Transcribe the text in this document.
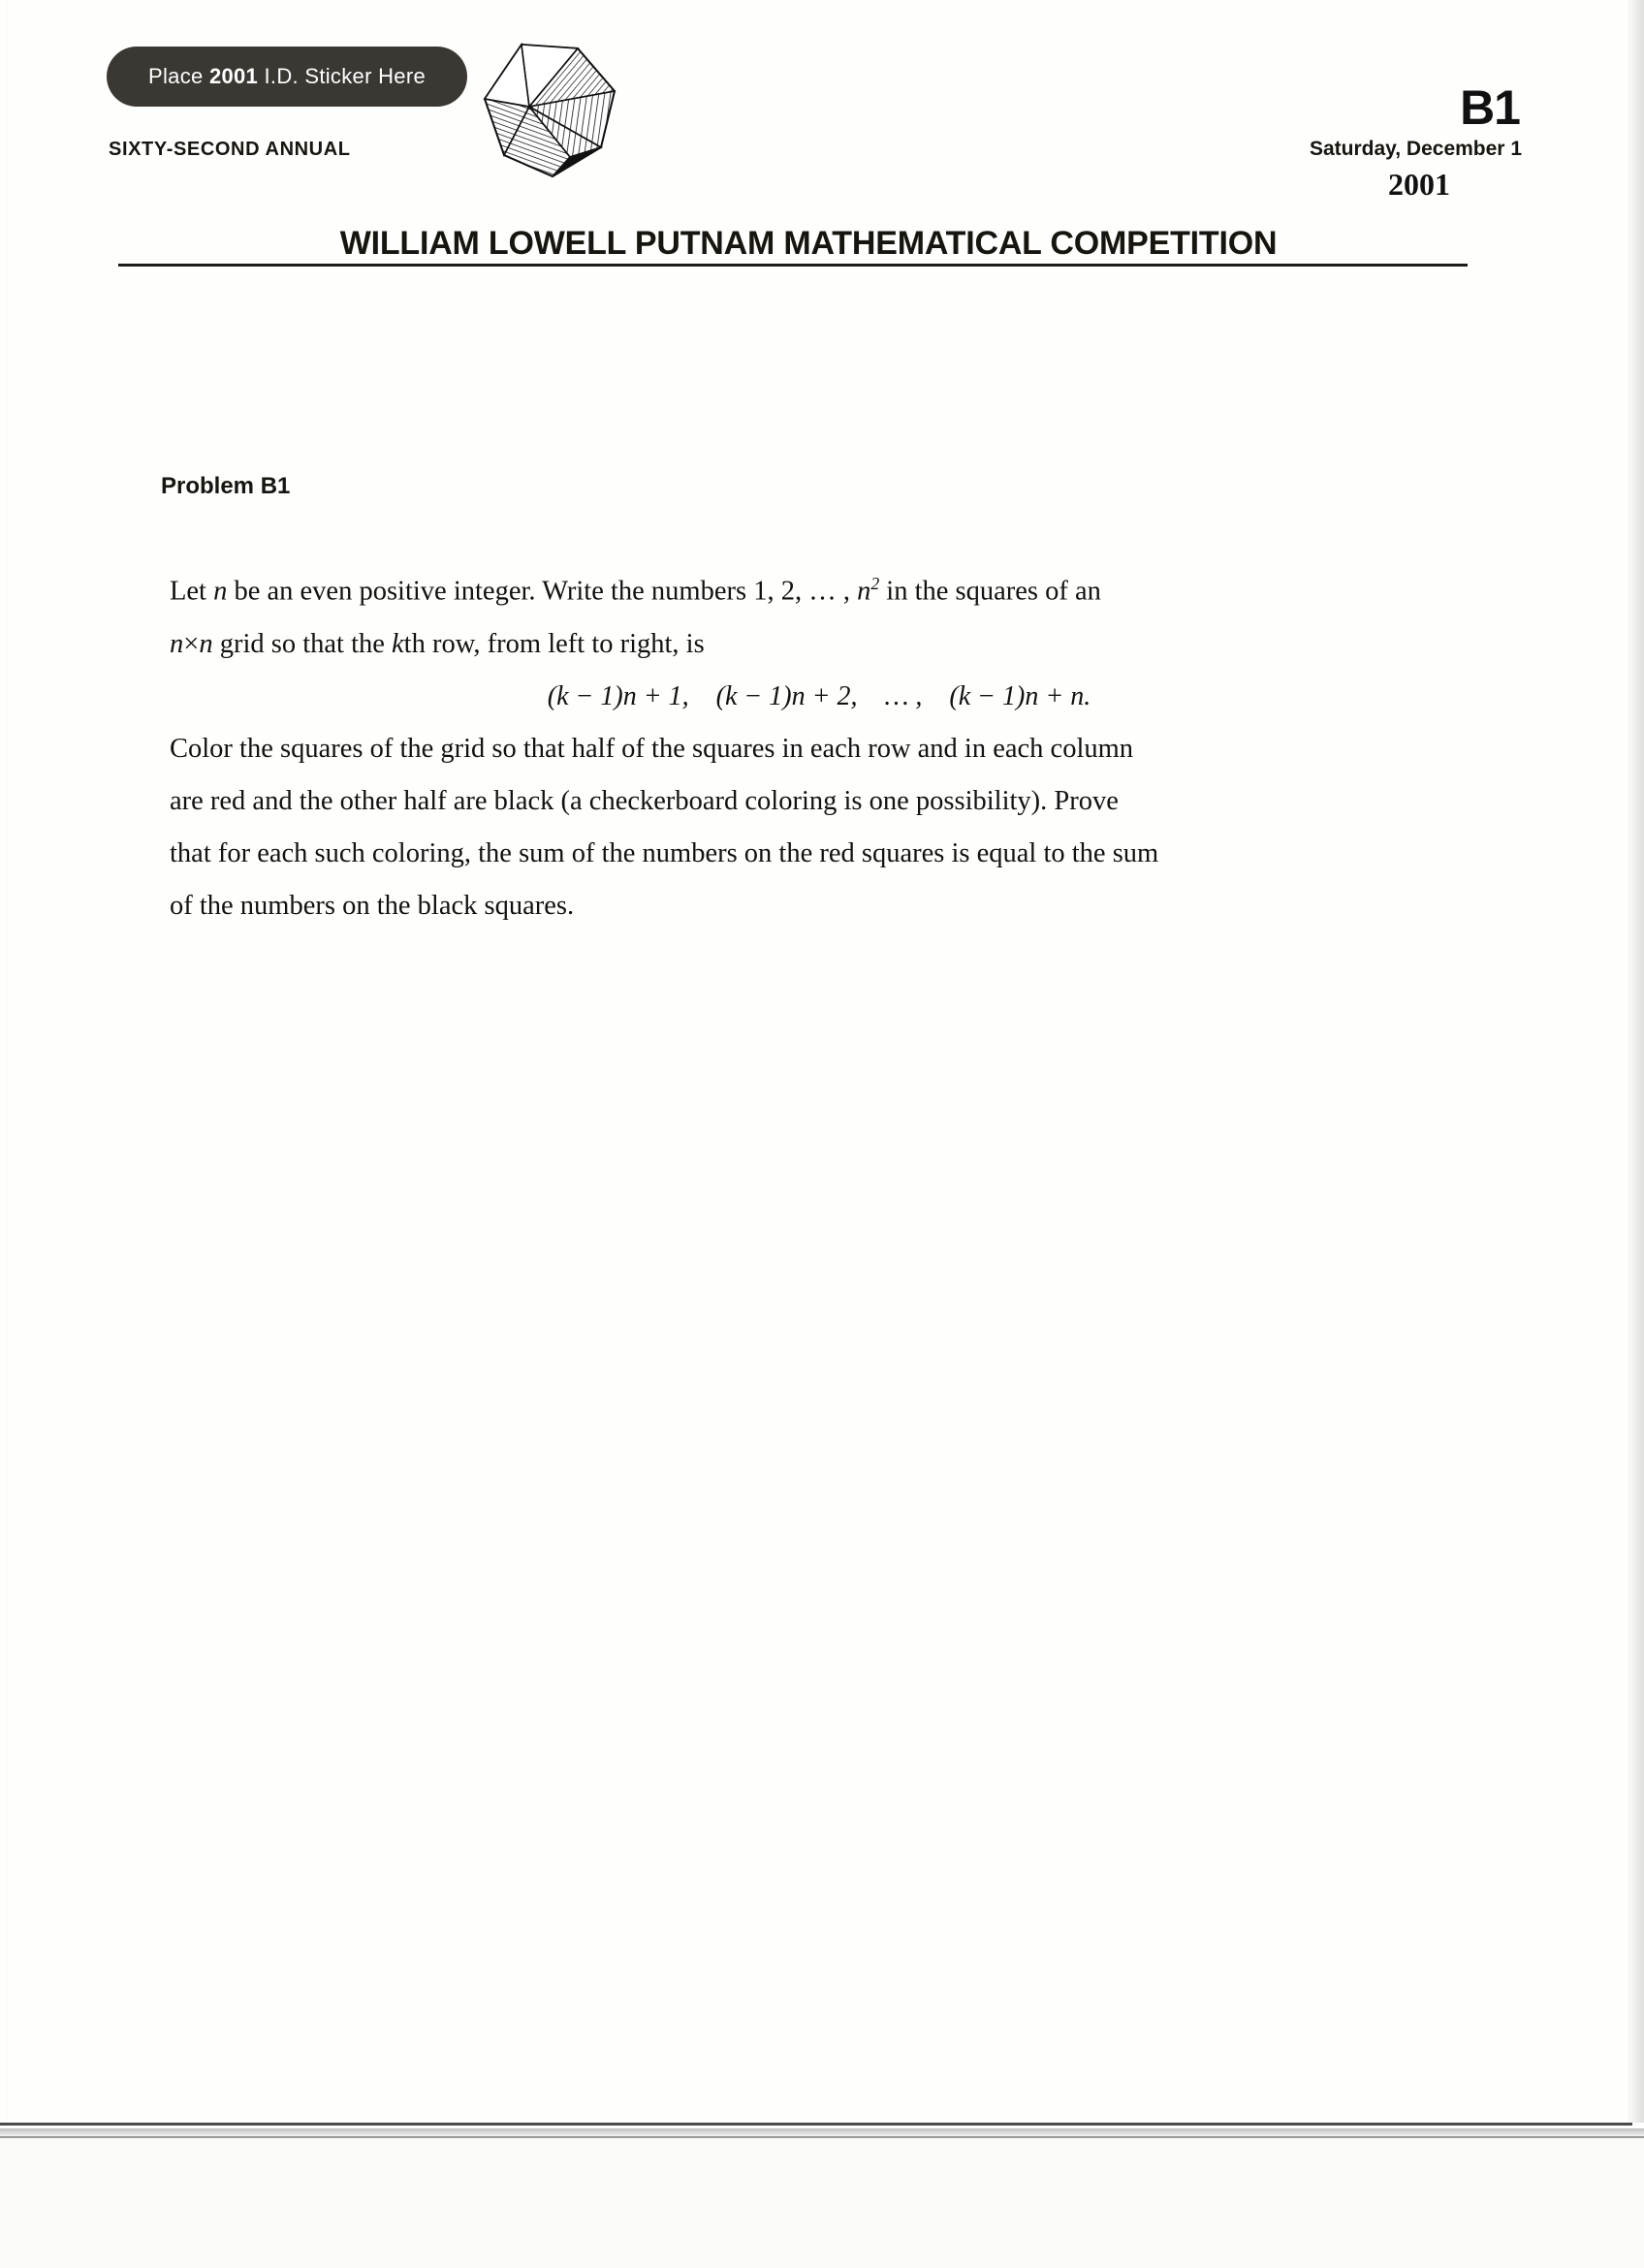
Place 2001 I.D. Sticker Here
SIXTY-SECOND ANNUAL
B1
Saturday, December 1
2001
WILLIAM LOWELL PUTNAM MATHEMATICAL COMPETITION
Problem B1
Let n be an even positive integer. Write the numbers 1, 2, … , $n^2$ in the squares of an
n×n grid so that the kth row, from left to right, is
(k − 1)n + 1,    (k − 1)n + 2,    … ,    (k − 1)n + n.
Color the squares of the grid so that half of the squares in each row and in each column
are red and the other half are black (a checkerboard coloring is one possibility). Prove
that for each such coloring, the sum of the numbers on the red squares is equal to the sum
of the numbers on the black squares.
